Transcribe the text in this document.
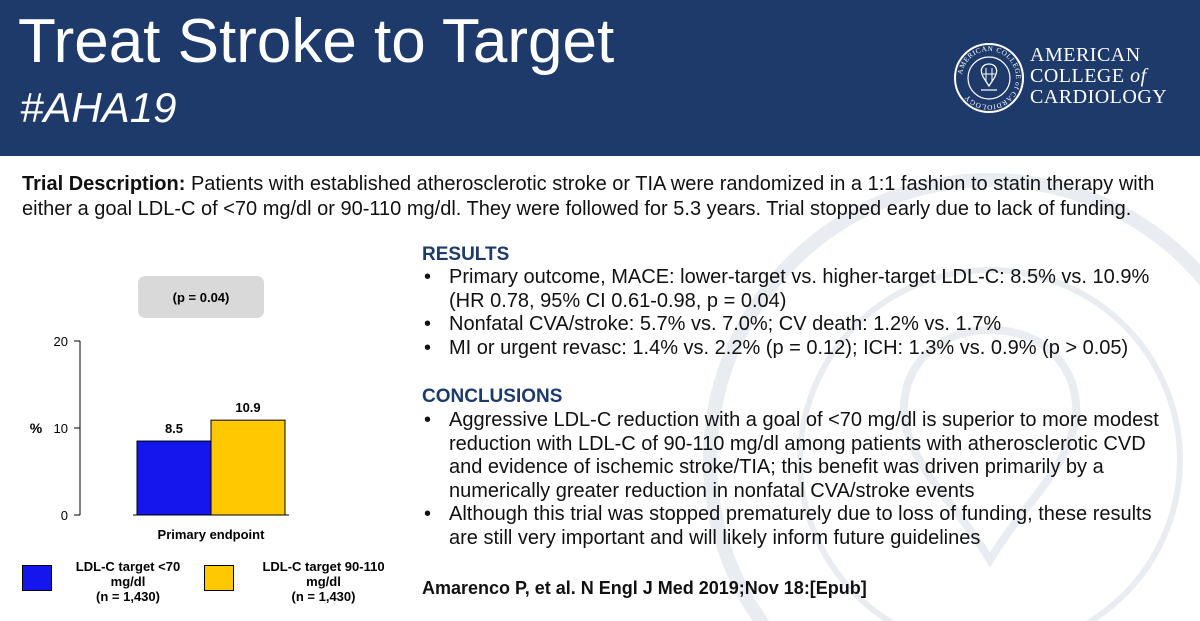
Treat Stroke to Target
#AHA19
AMERICAN COLLEGE of CARDIOLOGY
AMERICAN
COLLEGE of
CARDIOLOGY
Trial Description: Patients with established atherosclerotic stroke or TIA were randomized in a 1:1 fashion to statin therapy with either a goal LDL-C of <70 mg/dl or 90-110 mg/dl. They were followed for 5.3 years. Trial stopped early due to lack of funding.
(p = 0.04)
0
10
20
%	8.5
10.9
Primary endpoint
LDL-C target <70
mg/dl
(n = 1,430)
LDL-C target 90-110
mg/dl
(n = 1,430)
RESULTS
• Primary outcome, MACE: lower-target vs. higher-target LDL-C: 8.5% vs. 10.9% (HR 0.78, 95% CI 0.61-0.98, p = 0.04)
• Nonfatal CVA/stroke: 5.7% vs. 7.0%; CV death: 1.2% vs. 1.7%
• MI or urgent revasc: 1.4% vs. 2.2% (p = 0.12); ICH: 1.3% vs. 0.9% (p > 0.05)
CONCLUSIONS
• Aggressive LDL-C reduction with a goal of <70 mg/dl is superior to more modest reduction with LDL-C of 90-110 mg/dl among patients with atherosclerotic CVD and evidence of ischemic stroke/TIA; this benefit was driven primarily by a numerically greater reduction in nonfatal CVA/stroke events
• Although this trial was stopped prematurely due to loss of funding, these results are still very important and will likely inform future guidelines
Amarenco P, et al. N Engl J Med 2019;Nov 18:[Epub]
